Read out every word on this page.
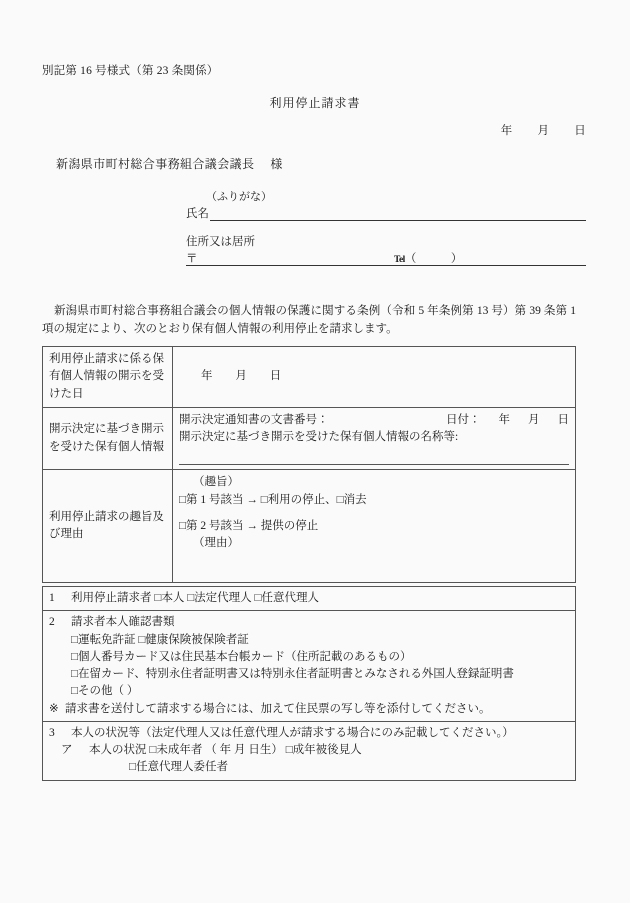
別記第 16 号様式（第 23 条関係）
利用停止請求書
年 月 日
新潟県市町村総合事務組合議会議長 様
（ふりがな）
氏名
住所又は居所
〒	Tel（　　　）
新潟県市町村総合事務組合議会の個人情報の保護に関する条例（令和 5 年条例第 13 号）第 39 条第 1 項の規定により、次のとおり保有個人情報の利用停止を請求します。
利用停止請求に係る保有個人情報の開示を受けた日	年 月 日
開示決定に基づき開示を受けた保有個人情報	開示決定通知書の文書番号： 日付： 年 月 日
開示決定に基づき開示を受けた保有個人情報の名称等:

利用停止請求の趣旨及び理由	（趣旨）
□第 1 号該当 → □利用の停止、□消去
□第 2 号該当 → 提供の停止
（理由）
1 利用停止請求者 □本人 □法定代理人 □任意代理人

2 請求者本人確認書類
□運転免許証 □健康保険被保険者証
□個人番号カード又は住民基本台帳カード（住所記載のあるもの）
□在留カード、特別永住者証明書又は特別永住者証明書とみなされる外国人登録証明書
□その他（ ）
※ 請求書を送付して請求する場合には、加えて住民票の写し等を添付してください。

3 本人の状況等（法定代理人又は任意代理人が請求する場合にのみ記載してください。）
ア 本人の状況 □未成年者 （ 年 月 日生） □成年被後見人
□任意代理人委任者
